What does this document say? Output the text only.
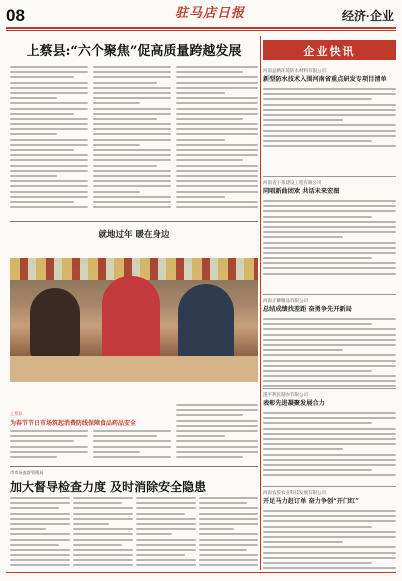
08	驻马店日报	经济·企业
上蔡县:“六个聚焦”促高质量跨越发展
就地过年 暖在身边
上蔡县
为春节节日市场筑起消费防线保障食品药品安全
市市场监督管理局
加大督导检查力度 及时消除安全隐患
企业快讯
河南益精环境防水材料有限公司
新型防水技术入围河南省重点研发专项目清单
河南省干茶建设工程有限公司
同唱新曲团欢 共话未来宏图
河南正耀精品有限公司
总结成绩找差距 奋勇争先开新局
遂平利民制衣有限公司
表彰先进凝聚发展合力
河南农胶农业科技发展有限公司
开足马力赶订单 奋力争创“开门红”
